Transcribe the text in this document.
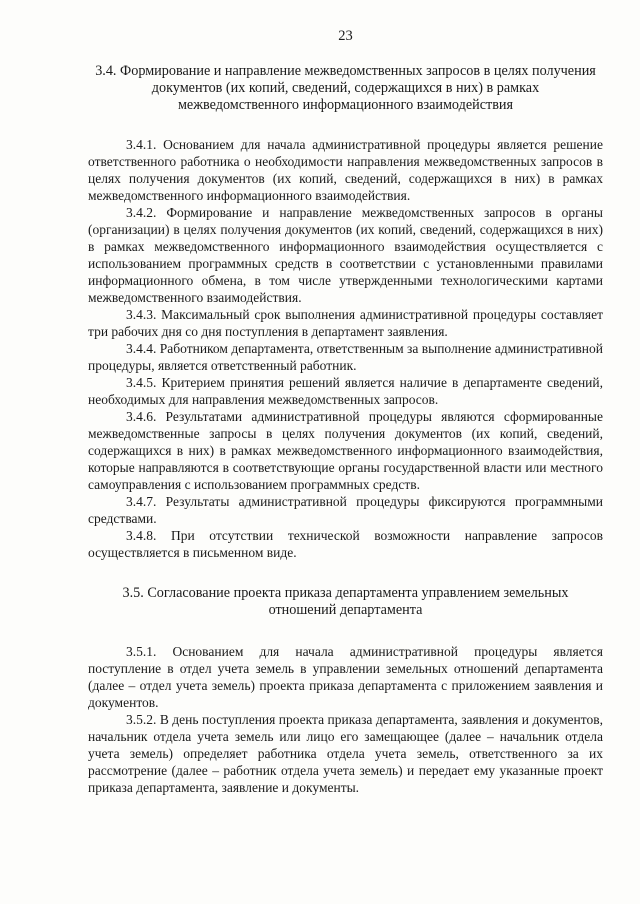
23
3.4. Формирование и направление межведомственных запросов в целях получения документов (их копий, сведений, содержащихся в них) в рамках межведомственного информационного взаимодействия

3.4.1. Основанием для начала административной процедуры является решение ответственного работника о необходимости направления межведомственных запросов в целях получения документов (их копий, сведений, содержащихся в них) в рамках межведомственного информационного взаимодействия.

3.4.2. Формирование и направление межведомственных запросов в органы (организации) в целях получения документов (их копий, сведений, содержащихся в них) в рамках межведомственного информационного взаимодействия осуществляется с использованием программных средств в соответствии с установленными правилами информационного обмена, в том числе утвержденными технологическими картами межведомственного взаимодействия.

3.4.3. Максимальный срок выполнения административной процедуры составляет три рабочих дня со дня поступления в департамент заявления.

3.4.4. Работником департамента, ответственным за выполнение административной процедуры, является ответственный работник.

3.4.5. Критерием принятия решений является наличие в департаменте сведений, необходимых для направления межведомственных запросов.

3.4.6. Результатами административной процедуры являются сформированные межведомственные запросы в целях получения документов (их копий, сведений, содержащихся в них) в рамках межведомственного информационного взаимодействия, которые направляются в соответствующие органы государственной власти или местного самоуправления с использованием программных средств.

3.4.7. Результаты административной процедуры фиксируются программными средствами.

3.4.8. При отсутствии технической возможности направление запросов осуществляется в письменном виде.

3.5. Согласование проекта приказа департамента управлением земельных отношений департамента

3.5.1. Основанием для начала административной процедуры является поступление в отдел учета земель в управлении земельных отношений департамента (далее – отдел учета земель) проекта приказа департамента с приложением заявления и документов.

3.5.2. В день поступления проекта приказа департамента, заявления и документов, начальник отдела учета земель или лицо его замещающее (далее – начальник отдела учета земель) определяет работника отдела учета земель, ответственного за их рассмотрение (далее – работник отдела учета земель) и передает ему указанные проект приказа департамента, заявление и документы.
